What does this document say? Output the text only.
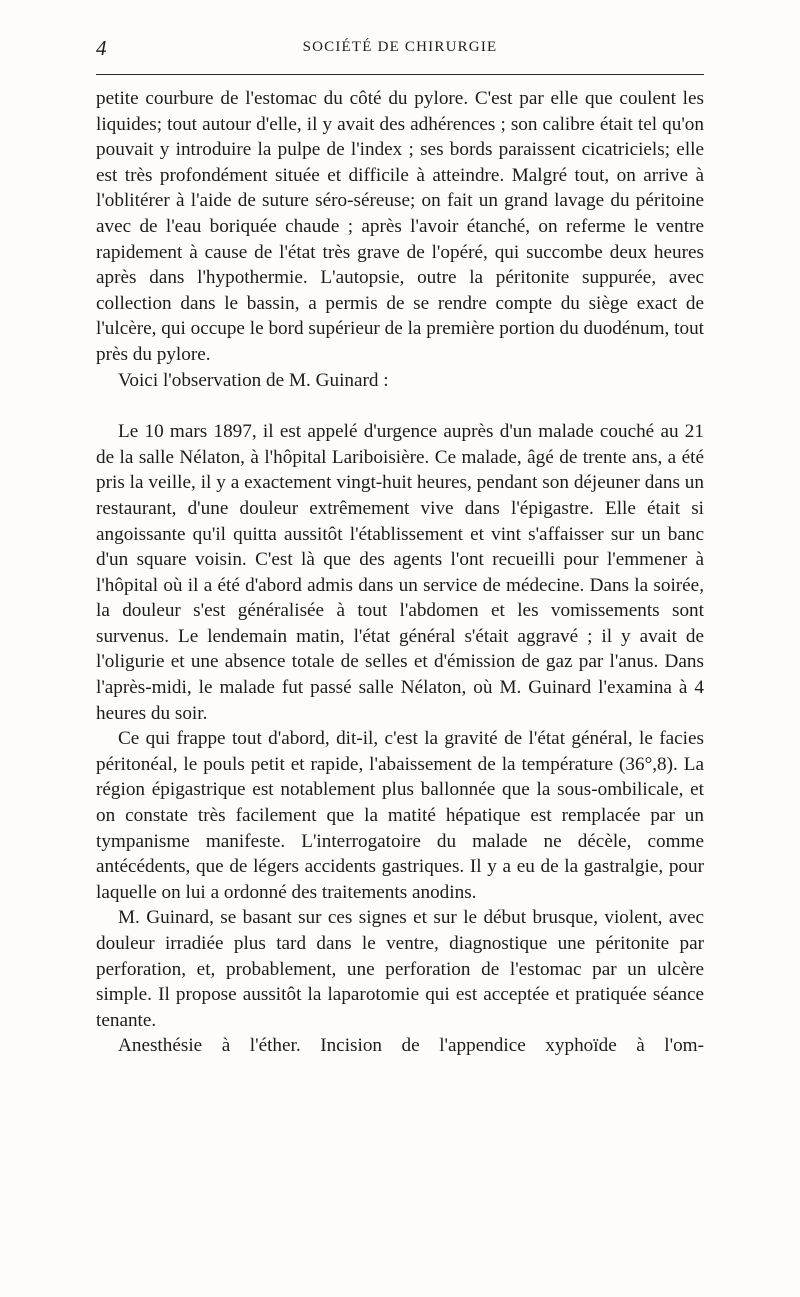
4	SOCIÉTÉ DE CHIRURGIE

petite courbure de l'estomac du côté du pylore. C'est par elle que coulent les liquides; tout autour d'elle, il y avait des adhérences ; son calibre était tel qu'on pouvait y introduire la pulpe de l'index ; ses bords paraissent cicatriciels; elle est très profondément située et difficile à atteindre. Malgré tout, on arrive à l'oblitérer à l'aide de suture séro-séreuse; on fait un grand lavage du péritoine avec de l'eau boriquée chaude ; après l'avoir étanché, on referme le ventre rapidement à cause de l'état très grave de l'opéré, qui succombe deux heures après dans l'hypothermie. L'autopsie, outre la péritonite suppurée, avec collection dans le bassin, a permis de se rendre compte du siège exact de l'ulcère, qui occupe le bord supérieur de la première portion du duodénum, tout près du pylore.

Voici l'observation de M. Guinard :

Le 10 mars 1897, il est appelé d'urgence auprès d'un malade couché au 21 de la salle Nélaton, à l'hôpital Lariboisière. Ce malade, âgé de trente ans, a été pris la veille, il y a exactement vingt-huit heures, pendant son déjeuner dans un restaurant, d'une douleur extrêmement vive dans l'épigastre. Elle était si angoissante qu'il quitta aussitôt l'établissement et vint s'affaisser sur un banc d'un square voisin. C'est là que des agents l'ont recueilli pour l'emmener à l'hôpital où il a été d'abord admis dans un service de médecine. Dans la soirée, la douleur s'est généralisée à tout l'abdomen et les vomissements sont survenus. Le lendemain matin, l'état général s'était aggravé ; il y avait de l'oligurie et une absence totale de selles et d'émission de gaz par l'anus. Dans l'après-midi, le malade fut passé salle Nélaton, où M. Guinard l'examina à 4 heures du soir.

Ce qui frappe tout d'abord, dit-il, c'est la gravité de l'état général, le facies péritonéal, le pouls petit et rapide, l'abaissement de la température (36°,8). La région épigastrique est notablement plus ballonnée que la sous-ombilicale, et on constate très facilement que la matité hépatique est remplacée par un tympanisme manifeste. L'interrogatoire du malade ne décèle, comme antécédents, que de légers accidents gastriques. Il y a eu de la gastralgie, pour laquelle on lui a ordonné des traitements anodins.

M. Guinard, se basant sur ces signes et sur le début brusque, violent, avec douleur irradiée plus tard dans le ventre, diagnostique une péritonite par perforation, et, probablement, une perforation de l'estomac par un ulcère simple. Il propose aussitôt la laparotomie qui est acceptée et pratiquée séance tenante.

Anesthésie à l'éther. Incision de l'appendice xyphoïde à l'om-
